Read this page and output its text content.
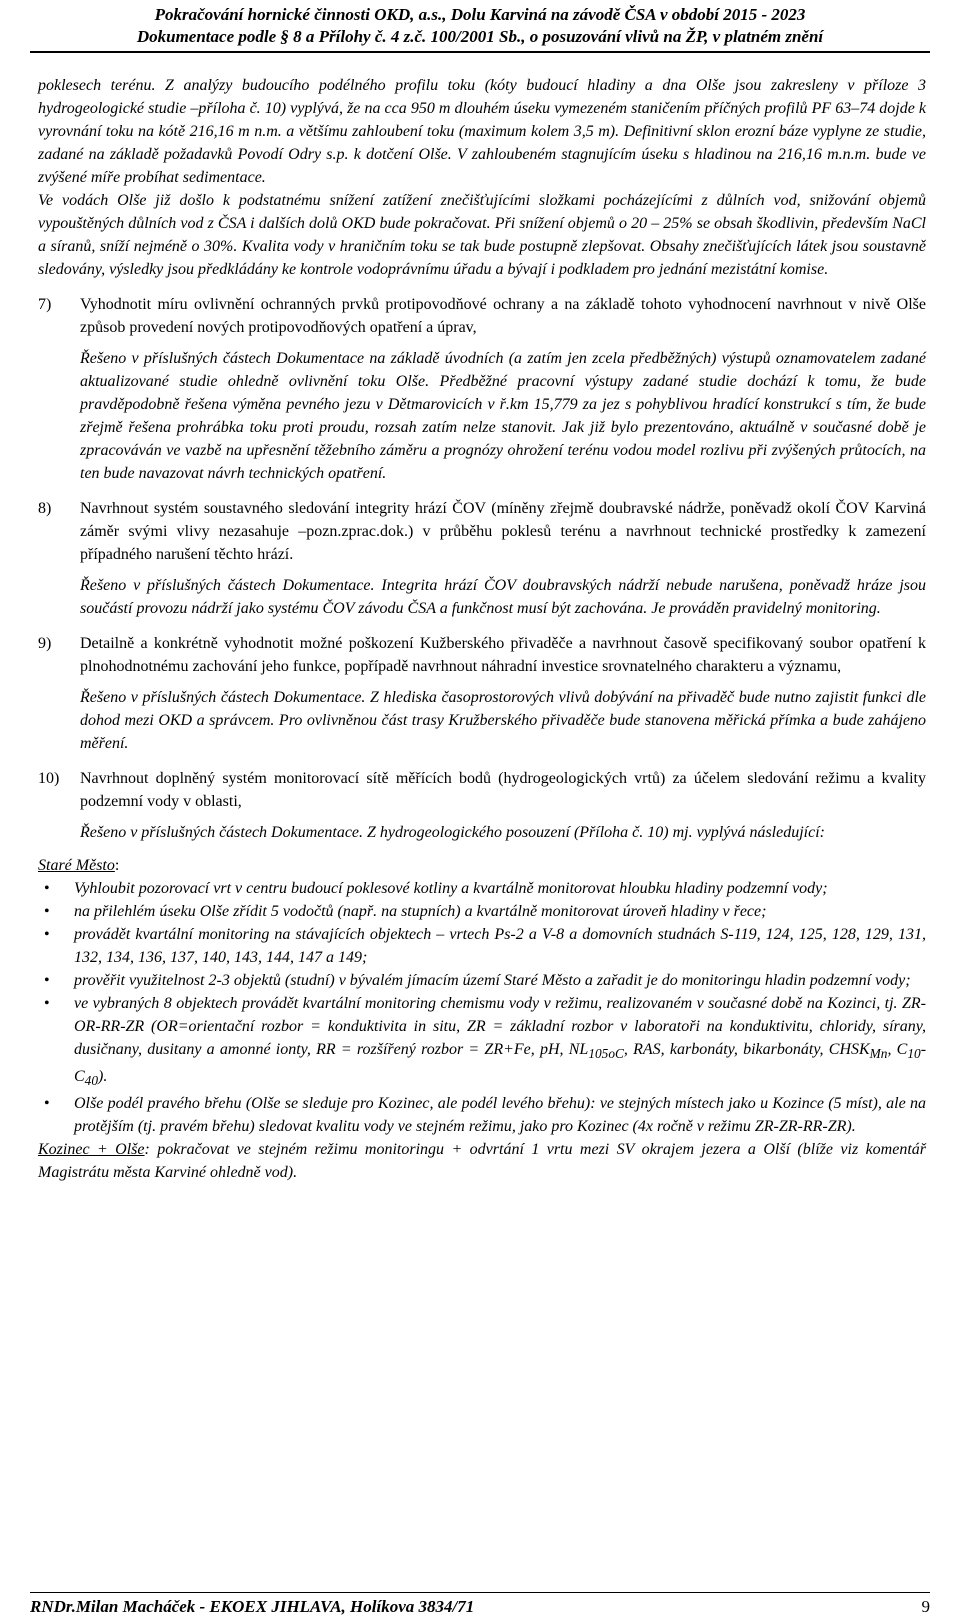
Pokračování hornické činnosti OKD, a.s., Dolu Karviná na závodě ČSA v období 2015 - 2023
Dokumentace podle § 8 a Přílohy č. 4 z.č. 100/2001 Sb., o posuzování vlivů na ŽP, v platném znění

poklesech terénu. Z analýzy budoucího podélného profilu toku (kóty budoucí hladiny a dna Olše jsou zakresleny v příloze 3 hydrogeologické studie –příloha č. 10) vyplývá, že na cca 950 m dlouhém úseku vymezeném staničením příčných profilů PF 63–74 dojde k vyrovnání toku na kótě 216,16 m n.m. a většímu zahloubení toku (maximum kolem 3,5 m). Definitivní sklon erozní báze vyplyne ze studie, zadané na základě požadavků Povodí Odry s.p. k dotčení Olše. V zahloubeném stagnujícím úseku s hladinou na 216,16 m.n.m. bude ve zvýšené míře probíhat sedimentace.

Ve vodách Olše již došlo k podstatnému snížení zatížení znečišťujícími složkami pocházejícími z důlních vod, snižování objemů vypouštěných důlních vod z ČSA i dalších dolů OKD bude pokračovat. Při snížení objemů o 20 – 25% se obsah škodlivin, především NaCl a síranů, sníží nejméně o 30%. Kvalita vody v hraničním toku se tak bude postupně zlepšovat. Obsahy znečišťujících látek jsou soustavně sledovány, výsledky jsou předkládány ke kontrole vodoprávnímu úřadu a bývají i podkladem pro jednání mezistátní komise.

7) Vyhodnotit míru ovlivnění ochranných prvků protipovodňové ochrany a na základě tohoto vyhodnocení navrhnout v nivě Olše způsob provedení nových protipovodňových opatření a úprav,

Řešeno v příslušných částech Dokumentace na základě úvodních (a zatím jen zcela předběžných) výstupů oznamovatelem zadané aktualizované studie ohledně ovlivnění toku Olše. Předběžné pracovní výstupy zadané studie dochází k tomu, že bude pravděpodobně řešena výměna pevného jezu v Dětmarovicích v ř.km 15,779 za jez s pohyblivou hradící konstrukcí s tím, že bude zřejmě řešena prohrábka toku proti proudu, rozsah zatím nelze stanovit. Jak již bylo prezentováno, aktuálně v současné době je zpracováván ve vazbě na upřesnění těžebního záměru a prognózy ohrožení terénu vodou model rozlivu při zvýšených průtocích, na ten bude navazovat návrh technických opatření.

8) Navrhnout systém soustavného sledování integrity hrází ČOV (míněny zřejmě doubravské nádrže, poněvadž okolí ČOV Karviná záměr svými vlivy nezasahuje –pozn.zprac.dok.) v průběhu poklesů terénu a navrhnout technické prostředky k zamezení případného narušení těchto hrází.

Řešeno v příslušných částech Dokumentace. Integrita hrází ČOV doubravských nádrží nebude narušena, poněvadž hráze jsou součástí provozu nádrží jako systému ČOV závodu ČSA a funkčnost musí být zachována. Je prováděn pravidelný monitoring.

9) Detailně a konkrétně vyhodnotit možné poškození Kužberského přivaděče a navrhnout časově specifikovaný soubor opatření k plnohodnotnému zachování jeho funkce, popřípadě navrhnout náhradní investice srovnatelného charakteru a významu,

Řešeno v příslušných částech Dokumentace. Z hlediska časoprostorových vlivů dobývání na přivaděč bude nutno zajistit funkci dle dohod mezi OKD a správcem. Pro ovlivněnou část trasy Kružberského přivaděče bude stanovena měřická přímka a bude zahájeno měření.

10) Navrhnout doplněný systém monitorovací sítě měřících bodů (hydrogeologických vrtů) za účelem sledování režimu a kvality podzemní vody v oblasti,

Řešeno v příslušných částech Dokumentace. Z hydrogeologického posouzení (Příloha č. 10) mj. vyplývá následující:

Staré Město:

• Vyhloubit pozorovací vrt v centru budoucí poklesové kotliny a kvartálně monitorovat hloubku hladiny podzemní vody;
• na přilehlém úseku Olše zřídit 5 vodočtů (např. na stupních) a kvartálně monitorovat úroveň hladiny v řece;
• provádět kvartální monitoring na stávajících objektech – vrtech Ps-2 a V-8 a domovních studnách S-119, 124, 125, 128, 129, 131, 132, 134, 136, 137, 140, 143, 144, 147 a 149;
• prověřit využitelnost 2-3 objektů (studní) v bývalém jímacím území Staré Město a zařadit je do monitoringu hladin podzemní vody;
• ve vybraných 8 objektech provádět kvartální monitoring chemismu vody v režimu, realizovaném v současné době na Kozinci, tj. ZR-OR-RR-ZR (OR=orientační rozbor = konduktivita in situ, ZR = základní rozbor v laboratoři na konduktivitu, chloridy, sírany, dusičnany, dusitany a amonné ionty, RR = rozšířený rozbor = ZR+Fe, pH, $NL_{105oC}$, RAS, karbonáty, bikarbonáty, $CHSK_{Mn}$, $C_{10}-C_{40}$).
• Olše podél pravého břehu (Olše se sleduje pro Kozinec, ale podél levého břehu): ve stejných místech jako u Kozince (5 míst), ale na protějším (tj. pravém břehu) sledovat kvalitu vody ve stejném režimu, jako pro Kozinec (4x ročně v režimu ZR-ZR-RR-ZR).

Kozinec + Olše: pokračovat ve stejném režimu monitoringu + odvrtání 1 vrtu mezi SV okrajem jezera a Olší (blíže viz komentář Magistrátu města Karviné ohledně vod).

RNDr.Milan Macháček - EKOEX JIHLAVA, Holíkova 3834/71	9
